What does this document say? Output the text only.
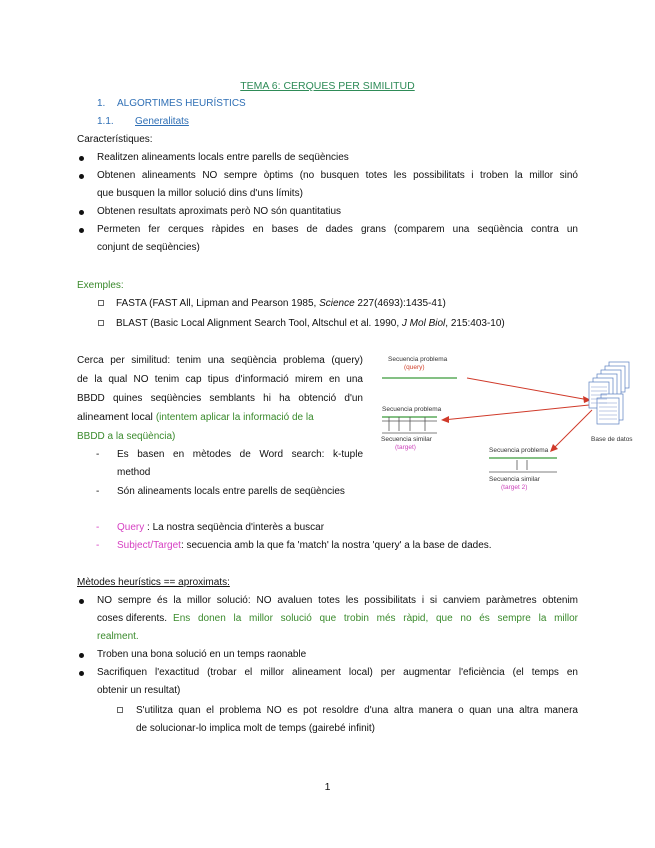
TEMA 6: CERQUES PER SIMILITUD
1. ALGORTIMES HEURÍSTICS
1.1. Generalitats
Característiques:
Realitzen alineaments locals entre parells de seqüències
Obtenen alineaments NO sempre òptims (no busquen totes les possibilitats i troben la millor sinó
que busquen la millor solució dins d'uns límits)
Obtenen resultats aproximats però NO són quantitatius
Permeten fer cerques ràpides en bases de dades grans (comparem una seqüència contra un
conjunt de seqüències)
Exemples:
FASTA (FAST All, Lipman and Pearson 1985, Science 227(4693):1435-41)
BLAST (Basic Local Alignment Search Tool, Altschul et al. 1990, J Mol Biol, 215:403-10)
Cerca per similitud: tenim una seqüència problema (query)
de la qual NO tenim cap tipus d'informació mirem en una
BBDD quines seqüències semblants hi ha obtenció d'un
alineament local (intentem aplicar la informació de la
BBDD a la seqüència)
- Es basen en mètodes de Word search: k-tuple
method
- Són alineaments locals entre parells de seqüències
Secuencia problema
(query)
Secuencia problema
Secuencia similar
(target)	Secuencia problema
Secuencia similar
(target 2)
Base de datos
- Query : La nostra seqüència d'interès a buscar
- Subject/Target: secuencia amb la que fa 'match' la nostra 'query' a la base de dades.
Mètodes heurístics == aproximats:
NO sempre és la millor solució: NO avaluen totes les possibilitats i si canviem paràmetres obtenim
coses diferents. Ens donen la millor solució que trobin més ràpid, que no és sempre la millor
realment.
Troben una bona solució en un temps raonable
Sacrifiquen l'exactitud (trobar el millor alineament local) per augmentar l'eficiència (el temps en
obtenir un resultat)
S'utilitza quan el problema NO es pot resoldre d'una altra manera o quan una altra manera
de solucionar-lo implica molt de temps (gairebé infinit)
1
